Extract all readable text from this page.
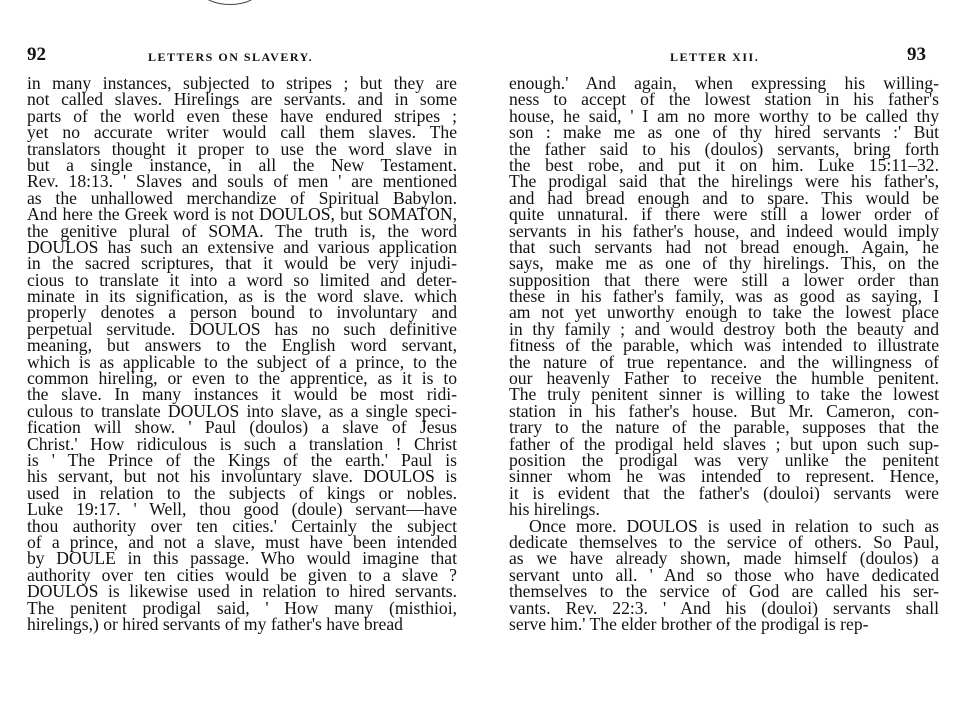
92	LETTERS ON SLAVERY.
in many instances, subjected to stripes ; but they are
not called slaves. Hirelings are servants. and in some
parts of the world even these have endured stripes ;
yet no accurate writer would call them slaves. The
translators thought it proper to use the word slave in
but a single instance, in all the New Testament.
Rev. 18:13. ' Slaves and souls of men ' are mentioned
as the unhallowed merchandize of Spiritual Babylon.
And here the Greek word is not DOULOS, but SOMATON,
the genitive plural of SOMA. The truth is, the word
DOULOS has such an extensive and various application
in the sacred scriptures, that it would be very injudi-
cious to translate it into a word so limited and deter-
minate in its signification, as is the word slave. which
properly denotes a person bound to involuntary and
perpetual servitude. DOULOS has no such definitive
meaning, but answers to the English word servant,
which is as applicable to the subject of a prince, to the
common hireling, or even to the apprentice, as it is to
the slave. In many instances it would be most ridi-
culous to translate DOULOS into slave, as a single speci-
fication will show. ' Paul (doulos) a slave of Jesus
Christ.' How ridiculous is such a translation ! Christ
is ' The Prince of the Kings of the earth.' Paul is
his servant, but not his involuntary slave. DOULOS is
used in relation to the subjects of kings or nobles.
Luke 19:17. ' Well, thou good (doule) servant—have
thou authority over ten cities.' Certainly the subject
of a prince, and not a slave, must have been intended
by DOULE in this passage. Who would imagine that
authority over ten cities would be given to a slave ?
DOULOS is likewise used in relation to hired servants.
The penitent prodigal said, ' How many (misthioi,
hirelings,) or hired servants of my father's have bread
LETTER XII.	93
enough.' And again, when expressing his willing-
ness to accept of the lowest station in his father's
house, he said, ' I am no more worthy to be called thy
son : make me as one of thy hired servants :' But
the father said to his (doulos) servants, bring forth
the best robe, and put it on him. Luke 15:11–32.
The prodigal said that the hirelings were his father's,
and had bread enough and to spare. This would be
quite unnatural. if there were still a lower order of
servants in his father's house, and indeed would imply
that such servants had not bread enough. Again, he
says, make me as one of thy hirelings. This, on the
supposition that there were still a lower order than
these in his father's family, was as good as saying, I
am not yet unworthy enough to take the lowest place
in thy family ; and would destroy both the beauty and
fitness of the parable, which was intended to illustrate
the nature of true repentance. and the willingness of
our heavenly Father to receive the humble penitent.
The truly penitent sinner is willing to take the lowest
station in his father's house. But Mr. Cameron, con-
trary to the nature of the parable, supposes that the
father of the prodigal held slaves ; but upon such sup-
position the prodigal was very unlike the penitent
sinner whom he was intended to represent. Hence,
it is evident that the father's (douloi) servants were
his hirelings.
Once more. DOULOS is used in relation to such as
dedicate themselves to the service of others. So Paul,
as we have already shown, made himself (doulos) a
servant unto all. ' And so those who have dedicated
themselves to the service of God are called his ser-
vants. Rev. 22:3. ' And his (douloi) servants shall
serve him.' The elder brother of the prodigal is rep-
